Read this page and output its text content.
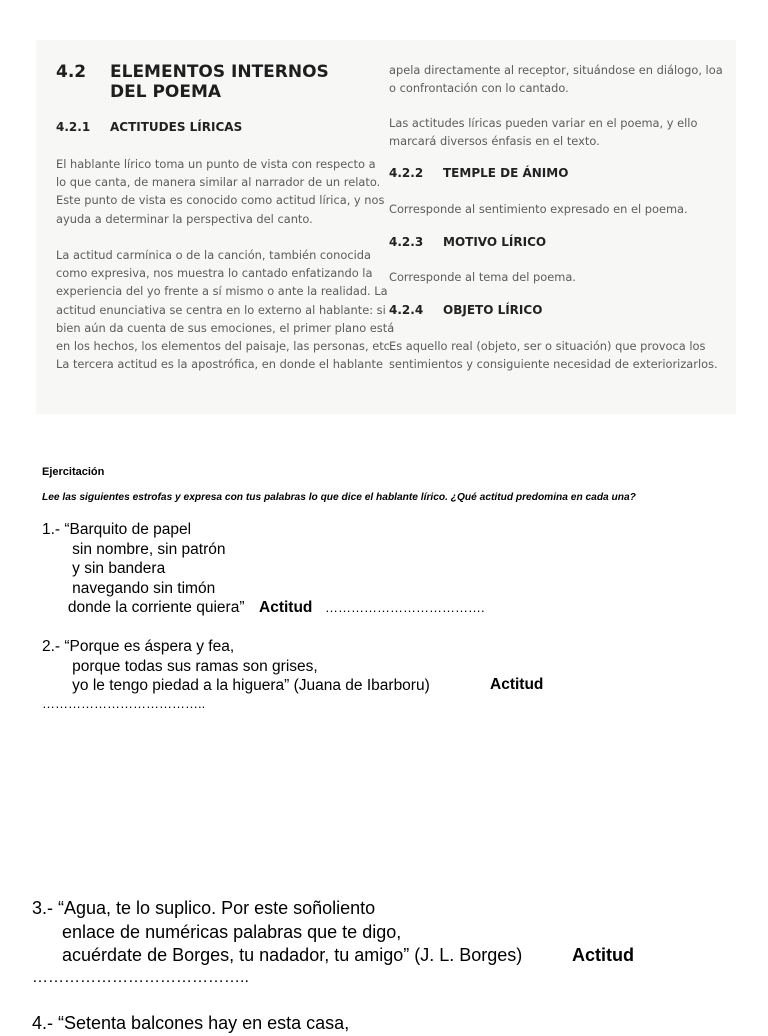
4.2 ELEMENTOS INTERNOS
DEL POEMA
4.2.1 ACTITUDES LÍRICAS
El hablante lírico toma un punto de vista con respecto a
lo que canta, de manera similar al narrador de un relato.
Este punto de vista es conocido como actitud lírica, y nos
ayuda a determinar la perspectiva del canto.
La actitud carmínica o de la canción, también conocida
como expresiva, nos muestra lo cantado enfatizando la
experiencia del yo frente a sí mismo o ante la realidad. La
actitud enunciativa se centra en lo externo al hablante: si
bien aún da cuenta de sus emociones, el primer plano está
en los hechos, los elementos del paisaje, las personas, etc.
La tercera actitud es la apostrófica, en donde el hablante
apela directamente al receptor, situándose en diálogo, loa
o confrontación con lo cantado.
Las actitudes líricas pueden variar en el poema, y ello
marcará diversos énfasis en el texto.
4.2.2 TEMPLE DE ÁNIMO
Corresponde al sentimiento expresado en el poema.
4.2.3 MOTIVO LÍRICO
Corresponde al tema del poema.
4.2.4 OBJETO LÍRICO
Es aquello real (objeto, ser o situación) que provoca los
sentimientos y consiguiente necesidad de exteriorizarlos.
Ejercitación
Lee las siguientes estrofas y expresa con tus palabras lo que dice el hablante lírico. ¿Qué actitud predomina en cada una?
1.- “Barquito de papel
sin nombre, sin patrón
y sin bandera
navegando sin timón
donde la corriente quiera” Actitud ……………………………….
2.- “Porque es áspera y fea,
porque todas sus ramas son grises,
yo le tengo piedad a la higuera” (Juana de Ibarboru)	Actitud
………………………………..
3.- “Agua, te lo suplico. Por este soñoliento
enlace de numéricas palabras que te digo,
acuérdate de Borges, tu nadador, tu amigo” (J. L. Borges)	Actitud
…………………………………..
4.- “Setenta balcones hay en esta casa,
